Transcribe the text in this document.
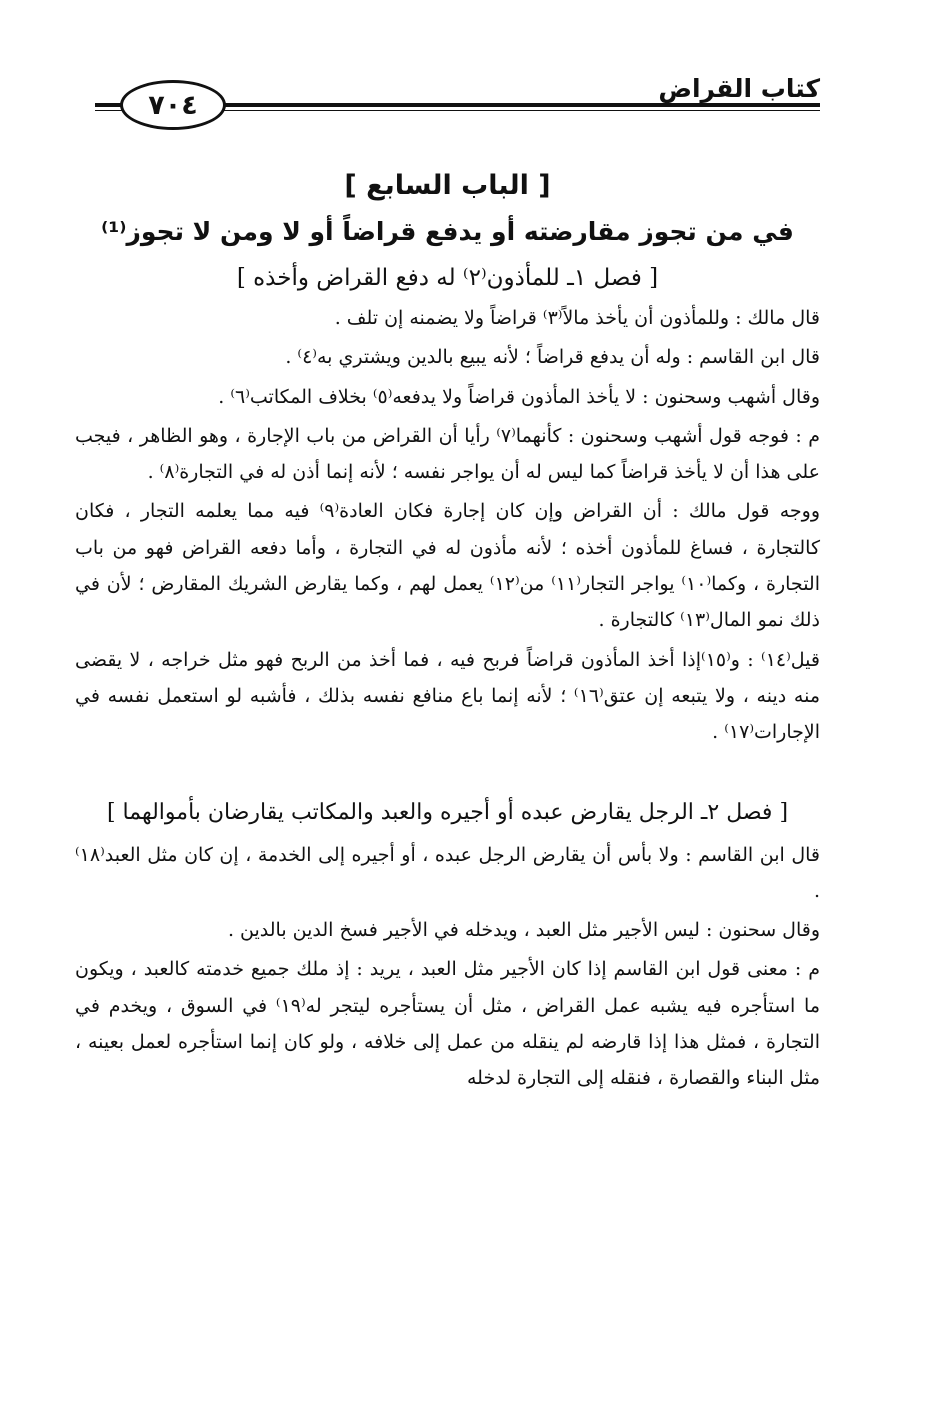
٧٠٤
كتاب القراض
[ الباب السابع ]
في من تجوز مقارضته أو يدفع قراضاً أو لا ومن لا تجوز⁽¹⁾
[ فصل ١ـ للمأذون⁽٢⁾ له دفع القراض وأخذه ]

قال مالك : وللمأذون أن يأخذ مالاً⁽٣⁾ قراضاً ولا يضمنه إن تلف .

قال ابن القاسم : وله أن يدفع قراضاً ؛ لأنه يبيع بالدين ويشتري به⁽٤⁾ .

وقال أشهب وسحنون : لا يأخذ المأذون قراضاً ولا يدفعه⁽٥⁾ بخلاف المكاتب⁽٦⁾ .

م : فوجه قول أشهب وسحنون : كأنهما⁽٧⁾ رأيا أن القراض من باب الإجارة ، وهو الظاهر ، فيجب على هذا أن لا يأخذ قراضاً كما ليس له أن يواجر نفسه ؛ لأنه إنما أذن له في التجارة⁽٨⁾ .

ووجه قول مالك : أن القراض وإن كان إجارة فكان العادة⁽٩⁾ فيه مما يعلمه التجار ، فكان كالتجارة ، فساغ للمأذون أخذه ؛ لأنه مأذون له في التجارة ، وأما دفعه القراض فهو من باب التجارة ، وكما⁽١٠⁾ يواجر التجار⁽١١⁾ من⁽١٢⁾ يعمل لهم ، وكما يقارض الشريك المقارض ؛ لأن في ذلك نمو المال⁽١٣⁾ كالتجارة .

قيل⁽١٤⁾ : و⁽١٥⁾إذا أخذ المأذون قراضاً فربح فيه ، فما أخذ من الربح فهو مثل خراجه ، لا يقضى منه دينه ، ولا يتبعه إن عتق⁽١٦⁾ ؛ لأنه إنما باع منافع نفسه بذلك ، فأشبه لو استعمل نفسه في الإجارات⁽١٧⁾ .

[ فصل ٢ـ الرجل يقارض عبده أو أجيره والعبد والمكاتب يقارضان بأموالهما ]

قال ابن القاسم : ولا بأس أن يقارض الرجل عبده ، أو أجيره إلى الخدمة ، إن كان مثل العبد⁽١٨⁾ .

وقال سحنون : ليس الأجير مثل العبد ، ويدخله في الأجير فسخ الدين بالدين .

م : معنى قول ابن القاسم إذا كان الأجير مثل العبد ، يريد : إذ ملك جميع خدمته كالعبد ، ويكون ما استأجره فيه يشبه عمل القراض ، مثل أن يستأجره ليتجر له⁽١٩⁾ في السوق ، ويخدم في التجارة ، فمثل هذا إذا قارضه لم ينقله من عمل إلى خلافه ، ولو كان إنما استأجره لعمل بعينه ، مثل البناء والقصارة ، فنقله إلى التجارة لدخله
